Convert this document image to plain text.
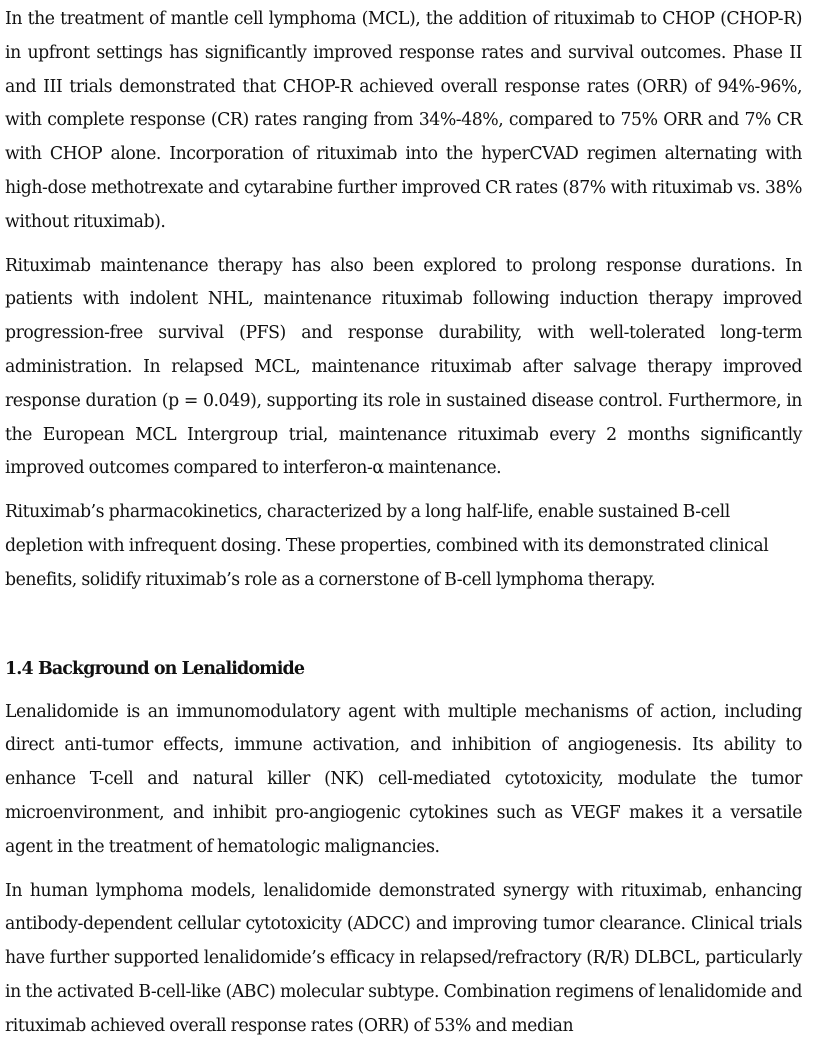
In the treatment of mantle cell lymphoma (MCL), the addition of rituximab to CHOP (CHOP-R) in upfront settings has significantly improved response rates and survival outcomes. Phase II and III trials demonstrated that CHOP-R achieved overall response rates (ORR) of 94%-96%, with complete response (CR) rates ranging from 34%-48%, compared to 75% ORR and 7% CR with CHOP alone. Incorporation of rituximab into the hyperCVAD regimen alternating with high-dose methotrexate and cytarabine further improved CR rates (87% with rituximab vs. 38% without rituximab).

Rituximab maintenance therapy has also been explored to prolong response durations. In patients with indolent NHL, maintenance rituximab following induction therapy improved progression-free survival (PFS) and response durability, with well-tolerated long-term administration. In relapsed MCL, maintenance rituximab after salvage therapy improved response duration (p = 0.049), supporting its role in sustained disease control. Furthermore, in the European MCL Intergroup trial, maintenance rituximab every 2 months significantly improved outcomes compared to interferon-α maintenance.

Rituximab’s pharmacokinetics, characterized by a long half-life, enable sustained B-cell depletion with infrequent dosing. These properties, combined with its demonstrated clinical benefits, solidify rituximab’s role as a cornerstone of B-cell lymphoma therapy.

1.4 Background on Lenalidomide

Lenalidomide is an immunomodulatory agent with multiple mechanisms of action, including direct anti-tumor effects, immune activation, and inhibition of angiogenesis. Its ability to enhance T-cell and natural killer (NK) cell-mediated cytotoxicity, modulate the tumor microenvironment, and inhibit pro-angiogenic cytokines such as VEGF makes it a versatile agent in the treatment of hematologic malignancies.

In human lymphoma models, lenalidomide demonstrated synergy with rituximab, enhancing antibody-dependent cellular cytotoxicity (ADCC) and improving tumor clearance. Clinical trials have further supported lenalidomide’s efficacy in relapsed/refractory (R/R) DLBCL, particularly in the activated B-cell-like (ABC) molecular subtype. Combination regimens of lenalidomide and rituximab achieved overall response rates (ORR) of 53% and median
